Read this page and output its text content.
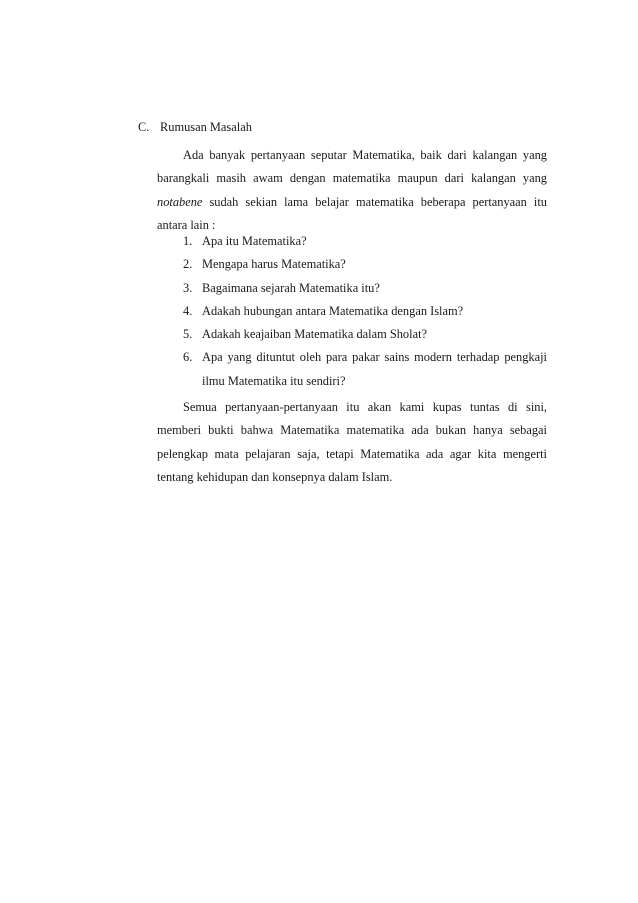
C. Rumusan Masalah

Ada banyak pertanyaan seputar Matematika, baik dari kalangan yang barangkali masih awam dengan matematika maupun dari kalangan yang notabene sudah sekian lama belajar matematika beberapa pertanyaan itu antara lain :

1. Apa itu Matematika?
2. Mengapa harus Matematika?
3. Bagaimana sejarah Matematika itu?
4. Adakah hubungan antara Matematika dengan Islam?
5. Adakah keajaiban Matematika dalam Sholat?
6. Apa yang dituntut oleh para pakar sains modern terhadap pengkaji ilmu Matematika itu sendiri?

Semua pertanyaan-pertanyaan itu akan kami kupas tuntas di sini, memberi bukti bahwa Matematika matematika ada bukan hanya sebagai pelengkap mata pelajaran saja, tetapi Matematika ada agar kita mengerti tentang kehidupan dan konsepnya dalam Islam.
